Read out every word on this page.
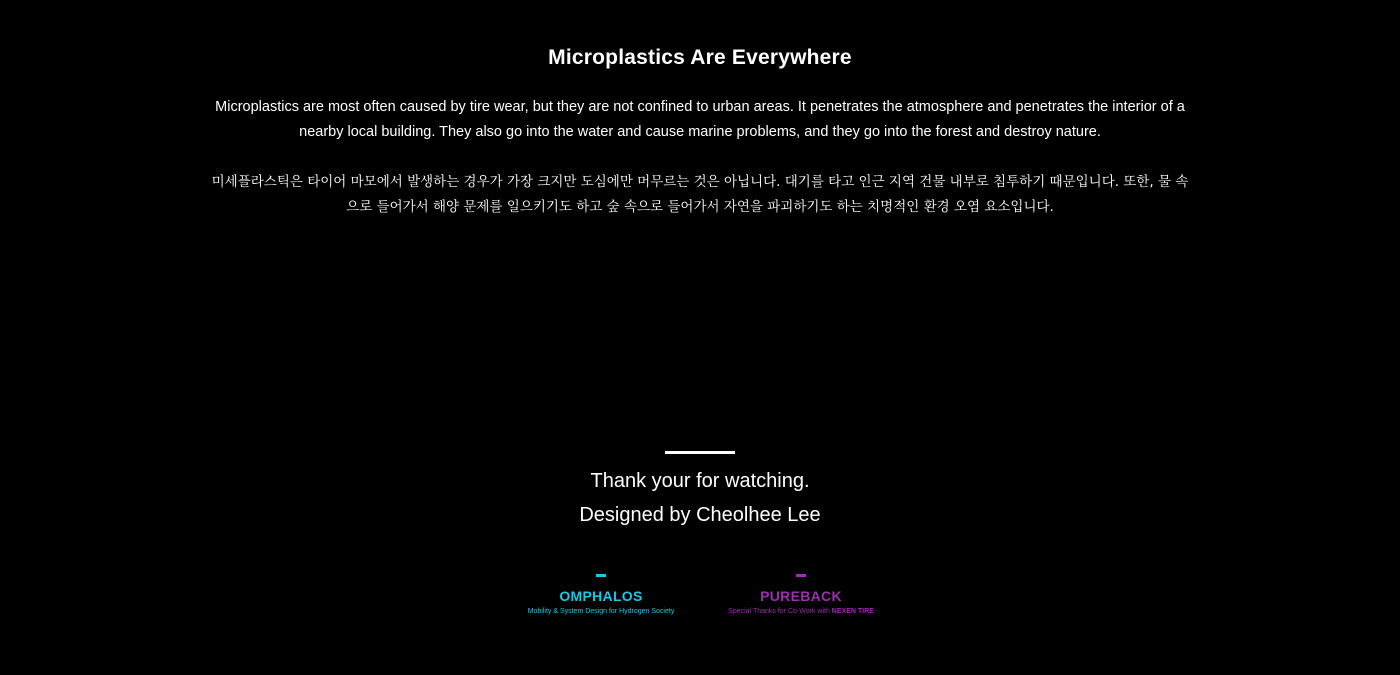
Microplastics Are Everywhere
Microplastics are most often caused by tire wear, but they are not confined to urban areas. It penetrates the atmosphere and penetrates the interior of a nearby local building. They also go into the water and cause marine problems, and they go into the forest and destroy nature.
미세플라스틱은 타이어 마모에서 발생하는 경우가 가장 크지만 도심에만 머무르는 것은 아닙니다. 대기를 타고 인근 지역 건물 내부로 침투하기 때문입니다. 또한, 물 속으로 들어가서 해양 문제를 일으키기도 하고 숲 속으로 들어가서 자연을 파괴하기도 하는 치명적인 환경 오염 요소입니다.
Thank your for watching.
Designed by Cheolhee Lee
OMPHALOS
Mobility & System Design for Hydrogen Society
PUREBACK
Special Thanks for Co-Work with NEXEN TIRE
